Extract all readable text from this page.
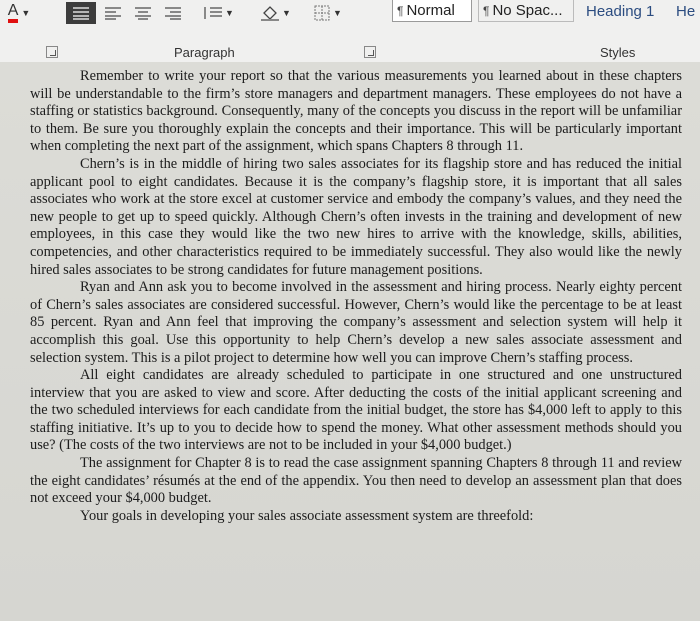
A ▼	▼	▼	▼	¶ Normal ¶ No Spac... Heading 1 He
Paragraph	Styles

Remember to write your report so that the various measurements you learned about in these chapters will be understandable to the firm’s store managers and department managers. These employees do not have a staffing or statistics background. Consequently, many of the concepts you discuss in the report will be unfamiliar to them. Be sure you thoroughly explain the concepts and their importance. This will be particularly important when completing the next part of the assignment, which spans Chapters 8 through 11.

Chern’s is in the middle of hiring two sales associates for its flagship store and has reduced the initial applicant pool to eight candidates. Because it is the company’s flagship store, it is important that all sales associates who work at the store excel at customer service and embody the company’s values, and they need the new people to get up to speed quickly. Although Chern’s often invests in the training and development of new employees, in this case they would like the two new hires to arrive with the knowledge, skills, abilities, competencies, and other characteristics required to be immediately successful. They also would like the newly hired sales associates to be strong candidates for future management positions.

Ryan and Ann ask you to become involved in the assessment and hiring process. Nearly eighty percent of Chern’s sales associates are considered successful. However, Chern’s would like the percentage to be at least 85 percent. Ryan and Ann feel that improving the company’s assessment and selection system will help it accomplish this goal. Use this opportunity to help Chern’s develop a new sales associate assessment and selection system. This is a pilot project to determine how well you can improve Chern’s staffing process.

All eight candidates are already scheduled to participate in one structured and one unstructured interview that you are asked to view and score. After deducting the costs of the initial applicant screening and the two scheduled interviews for each candidate from the initial budget, the store has $4,000 left to apply to this staffing initiative. It’s up to you to decide how to spend the money. What other assessment methods should you use? (The costs of the two interviews are not to be included in your $4,000 budget.)

The assignment for Chapter 8 is to read the case assignment spanning Chapters 8 through 11 and review the eight candidates’ résumés at the end of the appendix. You then need to develop an assessment plan that does not exceed your $4,000 budget.

Your goals in developing your sales associate assessment system are threefold:
